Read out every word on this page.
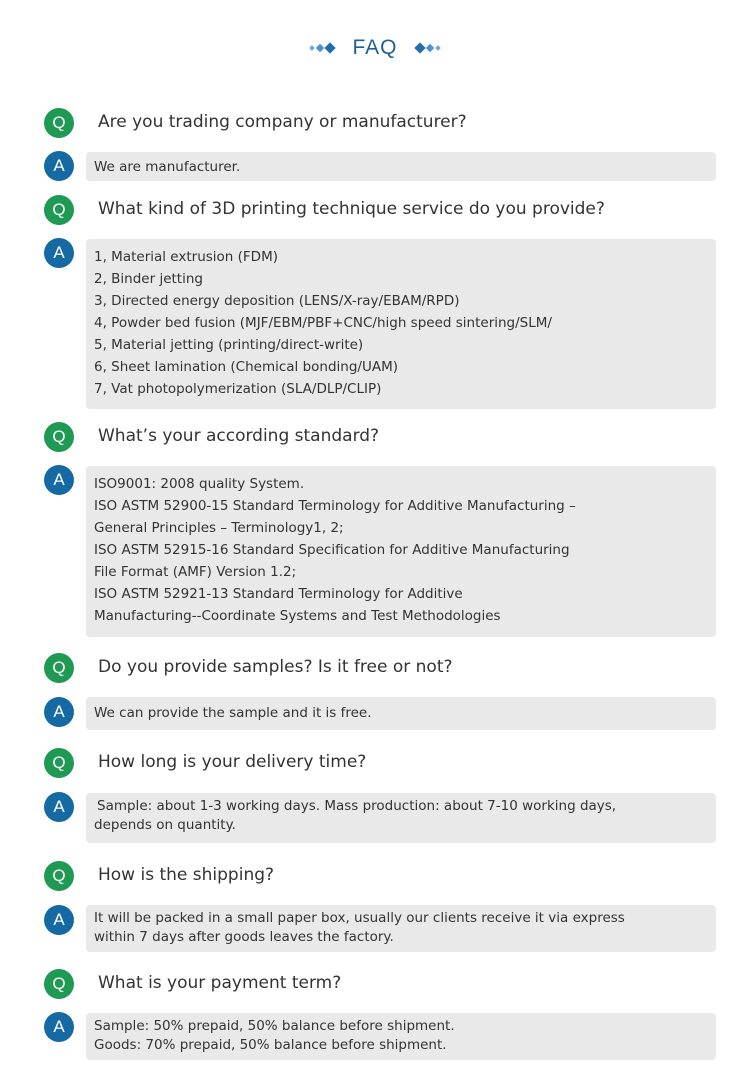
FAQ
Q	Are you trading company or manufacturer?
A	We are manufacturer.
Q	What kind of 3D printing technique service do you provide?
A	1, Material extrusion (FDM)
2, Binder jetting
3, Directed energy deposition (LENS/X-ray/EBAM/RPD)
4, Powder bed fusion (MJF/EBM/PBF+CNC/high speed sintering/SLM/
5, Material jetting (printing/direct-write)
6, Sheet lamination (Chemical bonding/UAM)
7, Vat photopolymerization (SLA/DLP/CLIP)
Q	What’s your according standard?
A	ISO9001: 2008 quality System.
ISO ASTM 52900-15 Standard Terminology for Additive Manufacturing –
General Principles – Terminology1, 2;
ISO ASTM 52915-16 Standard Specification for Additive Manufacturing
File Format (AMF) Version 1.2;
ISO ASTM 52921-13 Standard Terminology for Additive
Manufacturing--Coordinate Systems and Test Methodologies
Q	Do you provide samples? Is it free or not?
A	We can provide the sample and it is free.
Q	How long is your delivery time?
A	Sample: about 1-3 working days. Mass production: about 7-10 working days,
depends on quantity.
Q	How is the shipping?
A	It will be packed in a small paper box, usually our clients receive it via express
within 7 days after goods leaves the factory.
Q	What is your payment term?
A	Sample: 50% prepaid, 50% balance before shipment.
Goods: 70% prepaid, 50% balance before shipment.
